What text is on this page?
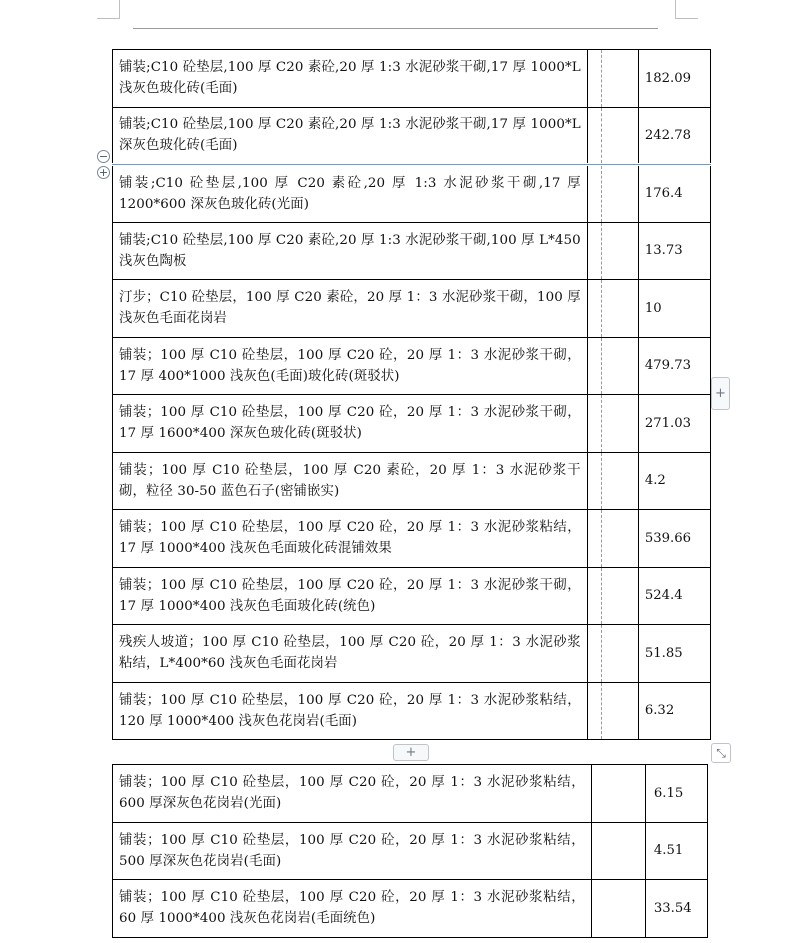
铺装;C10 砼垫层,100 厚 C20 素砼,20 厚 1:3 水泥砂浆干砌,17 厚 1000*L 浅灰色玻化砖(毛面)			182.09
铺装;C10 砼垫层,100 厚 C20 素砼,20 厚 1:3 水泥砂浆干砌,17 厚 1000*L 深灰色玻化砖(毛面)			242.78
铺装;C10 砼垫层,100 厚 C20 素砼,20 厚 1:3 水泥砂浆干砌,17 厚 1200*600 深灰色玻化砖(光面)			176.4
铺装;C10 砼垫层,100 厚 C20 素砼,20 厚 1:3 水泥砂浆干砌,100 厚 L*450 浅灰色陶板			13.73
汀步；C10 砼垫层，100 厚 C20 素砼，20 厚 1：3 水泥砂浆干砌，100 厚浅灰色毛面花岗岩			10
铺装；100 厚 C10 砼垫层，100 厚 C20 砼，20 厚 1：3 水泥砂浆干砌，17 厚 400*1000 浅灰色(毛面)玻化砖(斑驳状)			479.73
铺装；100 厚 C10 砼垫层，100 厚 C20 砼，20 厚 1：3 水泥砂浆干砌，17 厚 1600*400 深灰色玻化砖(斑驳状)			271.03
铺装；100 厚 C10 砼垫层，100 厚 C20 素砼，20 厚 1：3 水泥砂浆干砌，粒径 30-50 蓝色石子(密铺嵌实)			4.2
铺装；100 厚 C10 砼垫层，100 厚 C20 砼，20 厚 1：3 水泥砂浆粘结，17 厚 1000*400 浅灰色毛面玻化砖混铺效果			539.66
铺装；100 厚 C10 砼垫层，100 厚 C20 砼，20 厚 1：3 水泥砂浆干砌，17 厚 1000*400 浅灰色毛面玻化砖(统色)			524.4
残疾人坡道；100 厚 C10 砼垫层，100 厚 C20 砼，20 厚 1：3 水泥砂浆粘结，L*400*60 浅灰色毛面花岗岩			51.85
铺装；100 厚 C10 砼垫层，100 厚 C20 砼，20 厚 1：3 水泥砂浆粘结，120 厚 1000*400 浅灰色花岗岩(毛面)			6.32
−
+
+
+	⤡
铺装；100 厚 C10 砼垫层，100 厚 C20 砼，20 厚 1：3 水泥砂浆粘结，600 厚深灰色花岗岩(光面)		6.15
铺装；100 厚 C10 砼垫层，100 厚 C20 砼，20 厚 1：3 水泥砂浆粘结，500 厚深灰色花岗岩(毛面)		4.51
铺装；100 厚 C10 砼垫层，100 厚 C20 砼，20 厚 1：3 水泥砂浆粘结，60 厚 1000*400 浅灰色花岗岩(毛面统色)		33.54
